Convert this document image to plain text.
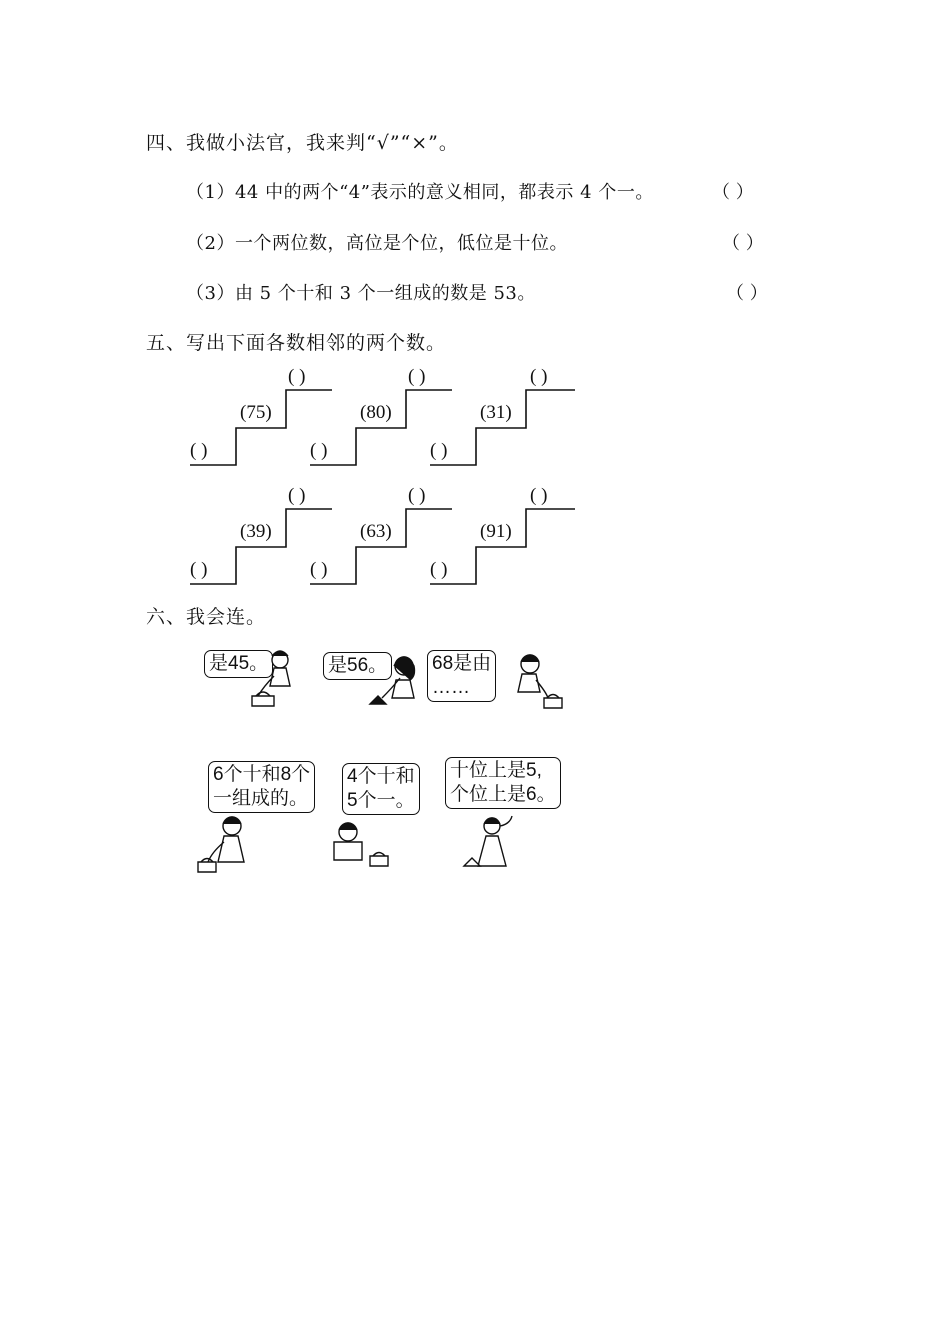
四、我做小法官，我来判“√”“×”。
（1）44 中的两个“4”表示的意义相同，都表示 4 个一。	（ ）
（2）一个两位数，高位是个位，低位是十位。	（ ）
（3）由 5 个十和 3 个一组成的数是 53。	（ ）
五、写出下面各数相邻的两个数。
( )
(75)
( )
( )
(80)
( )
( )
(31)
( )
( )
(39)
( )
( )
(63)
( )
( )
(91)
( )
六、我会连。
是45。	是56。 68是由
……
6个十和8个
一组成的。
4个十和
5个一。
十位上是5,
个位上是6。
